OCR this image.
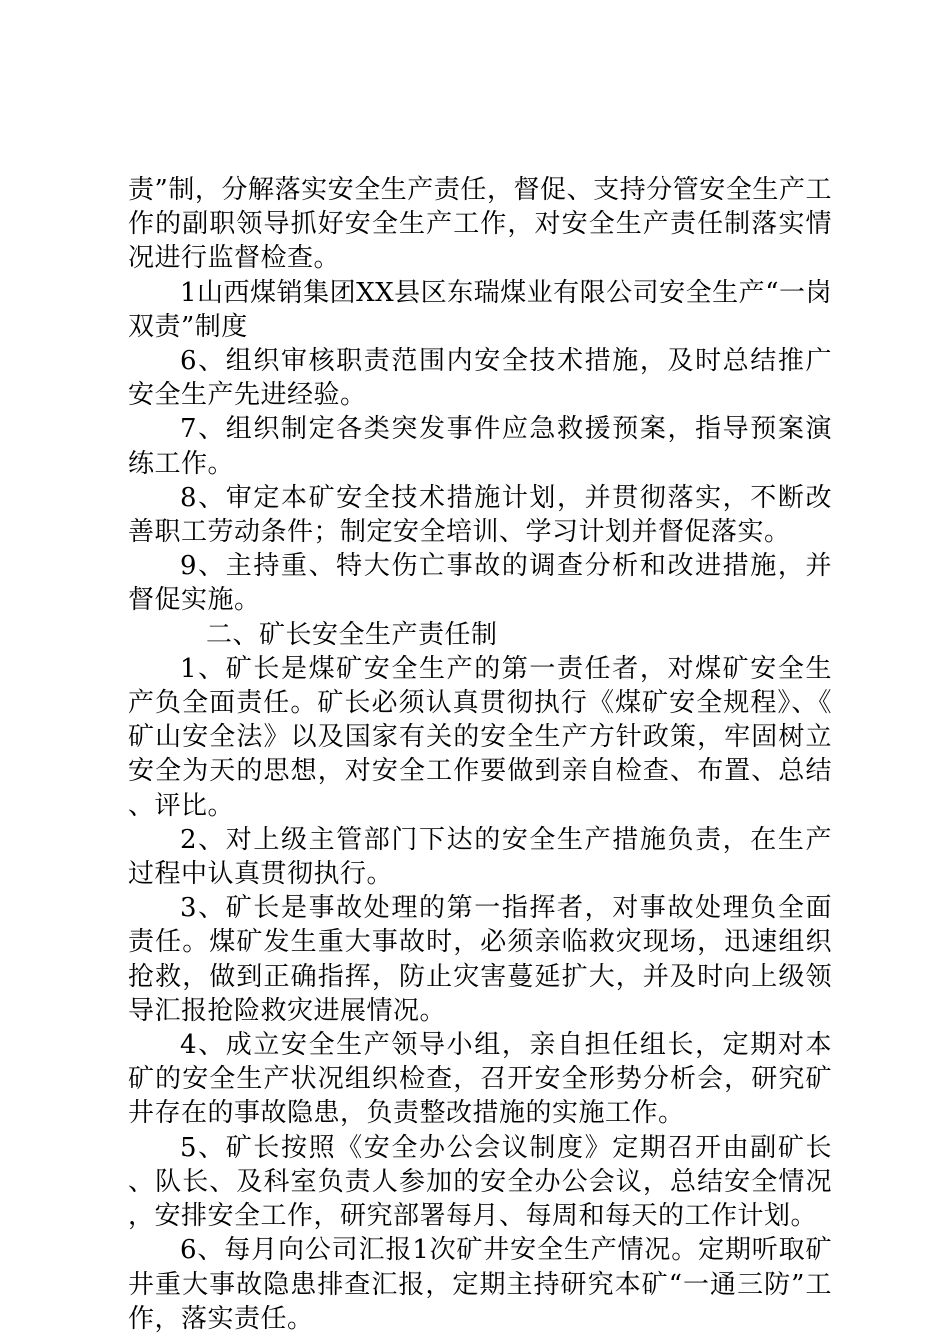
责”制，分解落实安全生产责任，督促、支持分管安全生产工作的副职领导抓好安全生产工作，对安全生产责任制落实情况进行监督检查。

1山西煤销集团XX县区东瑞煤业有限公司安全生产“一岗双责”制度

6、组织审核职责范围内安全技术措施，及时总结推广安全生产先进经验。

7、组织制定各类突发事件应急救援预案，指导预案演练工作。

8、审定本矿安全技术措施计划，并贯彻落实，不断改善职工劳动条件；制定安全培训、学习计划并督促落实。

9、主持重、特大伤亡事故的调查分析和改进措施，并督促实施。

二、矿长安全生产责任制

1、矿长是煤矿安全生产的第一责任者，对煤矿安全生产负全面责任。矿长必须认真贯彻执行《煤矿安全规程》、《矿山安全法》以及国家有关的安全生产方针政策，牢固树立安全为天的思想，对安全工作要做到亲自检查、布置、总结、评比。

2、对上级主管部门下达的安全生产措施负责，在生产过程中认真贯彻执行。

3、矿长是事故处理的第一指挥者，对事故处理负全面责任。煤矿发生重大事故时，必须亲临救灾现场，迅速组织抢救，做到正确指挥，防止灾害蔓延扩大，并及时向上级领导汇报抢险救灾进展情况。

4、成立安全生产领导小组，亲自担任组长，定期对本矿的安全生产状况组织检查，召开安全形势分析会，研究矿井存在的事故隐患，负责整改措施的实施工作。

5、矿长按照《安全办公会议制度》定期召开由副矿长、队长、及科室负责人参加的安全办公会议，总结安全情况，安排安全工作，研究部署每月、每周和每天的工作计划。

6、每月向公司汇报1次矿井安全生产情况。定期听取矿井重大事故隐患排查汇报，定期主持研究本矿“一通三防”工作，落实责任。
